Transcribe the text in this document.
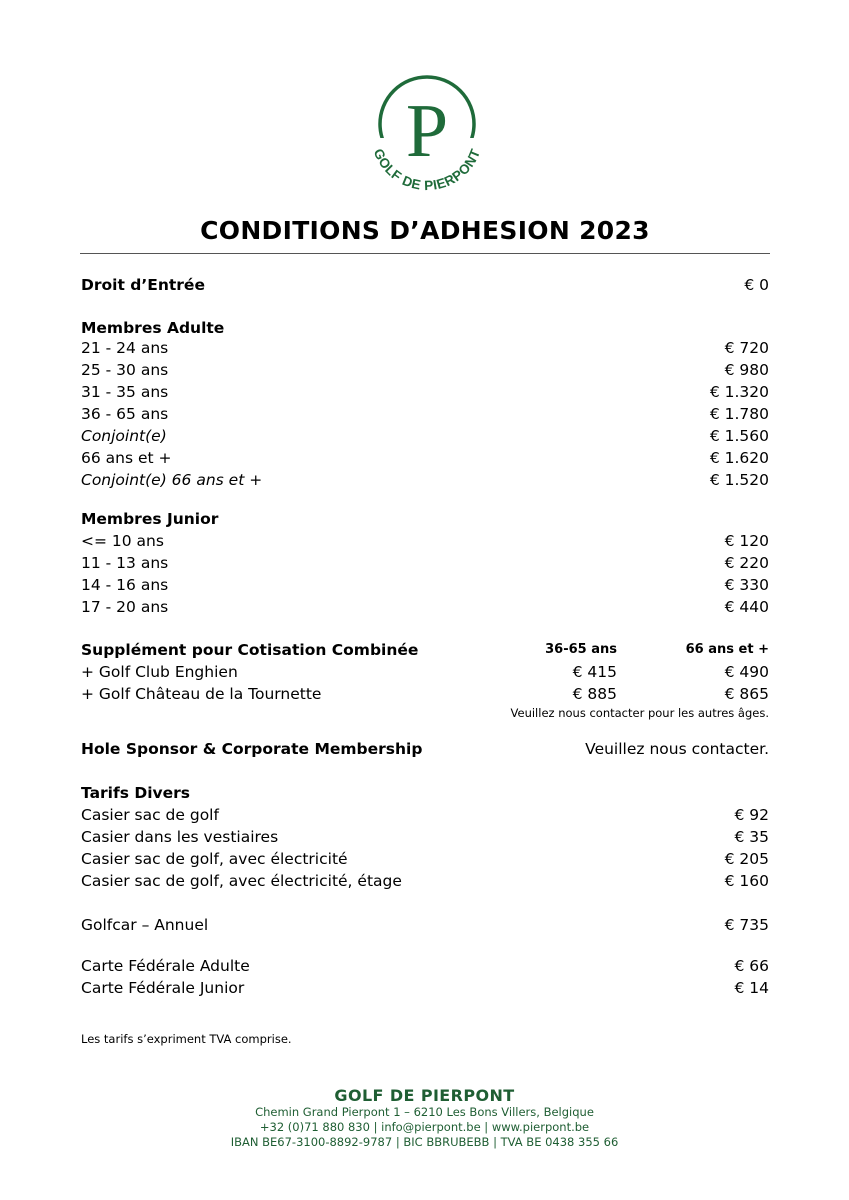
P
GOLF DE PIERPONT
CONDITIONS D’ADHESION 2023
Droit d’Entrée	€ 0
Membres Adulte
21 - 24 ans	€ 720
25 - 30 ans	€ 980
31 - 35 ans	€ 1.320
36 - 65 ans	€ 1.780
Conjoint(e)	€ 1.560
66 ans et +	€ 1.620
Conjoint(e) 66 ans et +	€ 1.520
Membres Junior
<= 10 ans	€ 120
11 - 13 ans	€ 220
14 - 16 ans	€ 330
17 - 20 ans	€ 440
Supplément pour Cotisation Combinée	36-65 ans	66 ans et +
+ Golf Club Enghien	€ 415	€ 490
+ Golf Château de la Tournette	€ 885	€ 865
Veuillez nous contacter pour les autres âges.
Hole Sponsor & Corporate Membership	Veuillez nous contacter.
Tarifs Divers
Casier sac de golf	€ 92
Casier dans les vestiaires	€ 35
Casier sac de golf, avec électricité	€ 205
Casier sac de golf, avec électricité, étage	€ 160
Golfcar – Annuel	€ 735
Carte Fédérale Adulte	€ 66
Carte Fédérale Junior	€ 14
Les tarifs s’expriment TVA comprise.
GOLF DE PIERPONT
Chemin Grand Pierpont 1 – 6210 Les Bons Villers, Belgique
+32 (0)71 880 830 | info@pierpont.be | www.pierpont.be
IBAN BE67-3100-8892-9787 | BIC BBRUBEBB | TVA BE 0438 355 66
